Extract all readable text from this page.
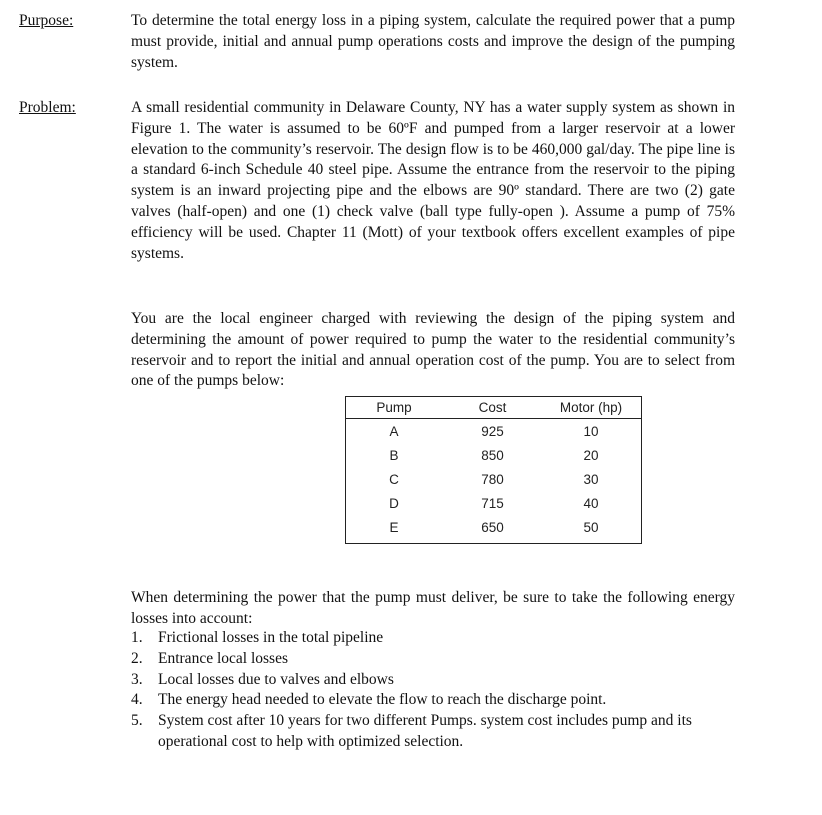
Purpose:	To determine the total energy loss in a piping system, calculate the required power that a pump must provide, initial and annual pump operations costs and improve the design of the pumping system.
Problem:	A small residential community in Delaware County, NY has a water supply system as shown in Figure 1. The water is assumed to be 60ºF and pumped from a larger reservoir at a lower elevation to the community’s reservoir. The design flow is to be 460,000 gal/day. The pipe line is a standard 6-inch Schedule 40 steel pipe. Assume the entrance from the reservoir to the piping system is an inward projecting pipe and the elbows are 90º standard. There are two (2) gate valves (half-open) and one (1) check valve (ball type fully-open ). Assume a pump of 75% efficiency will be used. Chapter 11 (Mott) of your textbook offers excellent examples of pipe systems.
You are the local engineer charged with reviewing the design of the piping system and determining the amount of power required to pump the water to the residential community’s reservoir and to report the initial and annual operation cost of the pump. You are to select from one of the pumps below:
Pump	Cost	Motor (hp)
A	925	10
B	850	20
C	780	30
D	715	40
E	650	50
When determining the power that the pump must deliver, be sure to take the following energy losses into account:
1. Frictional losses in the total pipeline
2. Entrance local losses
3. Local losses due to valves and elbows
4. The energy head needed to elevate the flow to reach the discharge point.
5. System cost after 10 years for two different Pumps. system cost includes pump and its operational cost to help with optimized selection.
